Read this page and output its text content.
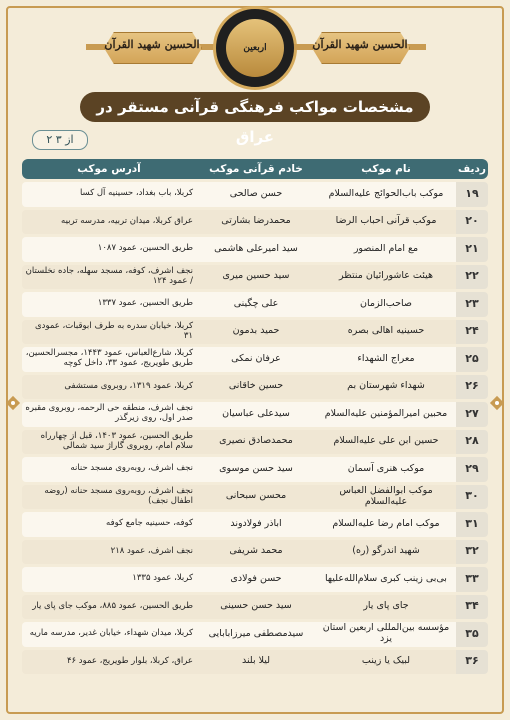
الحسین شهید القرآن	اربعین	الحسین شهید القرآن
مشخصات مواکب فرهنگی قرآنی مستقر در عراق
۲ از ۳
ردیف	نام موکب	خادم قرآنی موکب	آدرس موکب
۱۹	موکب باب‌الحوائج علیه‌السلام	حسن صالحی	کربلا، باب بغداد، حسینیه آل کسا
۲۰	موکب قرآنی احباب الرضا	محمدرضا بشارتی	عراق کربلا، میدان تربیه، مدرسه تربیه
۲۱	مع امام المنصور	سید امیرعلی هاشمی	طریق الحسین، عمود ۱۰۸۷
۲۲	هیئت عاشورائیان منتظر	سید حسین میری	نجف اشرف، کوفه، مسجد سهله، جاده نخلستان / عمود ۱۲۴
۲۳	صاحب‌الزمان	علی چگینی	طریق الحسین، عمود ۱۳۳۷
۲۴	حسینیه اهالی بصره	حمید بدمون	کربلا، خیابان سدره به طرف ابوقبات، عمودی ۳۱
۲۵	معراج الشهداء	عرفان نمکی	کربلا، شارع‌العباس، عمود ۱۴۴۳، مجسرالحسین، طریق طویریج، عمود ۳۳، داخل کوچه
۲۶	شهداء شهرستان بم	حسین خاقانی	کربلا، عمود ۱۳۱۹، روبروی مستشفی
۲۷	محبین امیرالمؤمنین علیه‌السلام	سیدعلی عباسیان	نجف اشرف، منطقه حی الرحمه، روبروی مقبره صدر اول، روی زیرگذر
۲۸	حسین ابن علی علیه‌السلام	محمدصادق نصیری	طریق الحسین، عمود ۱۴۰۳، قبل از چهارراه سلام امام، روبروی گاراژ سید شمالی
۲۹	موکب هنری آسمان	سید حسن موسوی	نجف اشرف، روبه‌روی مسجد حنانه
۳۰	موکب ابوالفضل العباس علیه‌السلام	محسن سبحانی	نجف اشرف، روبه‌روی مسجد حنانه (روضه اطفال نجف)
۳۱	موکب امام رضا علیه‌السلام	اباذر فولادوند	کوفه، حسینیه جامع کوفه
۳۲	شهید اندرگو (ره)	محمد شریفی	نجف اشرف، عمود ۲۱۸
۳۳	بی‌بی زینب کبری سلام‌الله‌علیها	حسن فولادی	کربلا، عمود ۱۳۳۵
۳۴	جای پای یار	سید حسن حسینی	طریق الحسین، عمود ۸۸۵، موکب جای پای یار
۳۵	مؤسسه بین‌المللی اربعین استان یزد	سیدمصطفی میرزابابایی	کربلا، میدان شهداء، خیابان غدیر، مدرسه ماریه
۳۶	لبیک یا زینب	لیلا بلند	عراق، کربلا، بلوار طویریج، عمود ۴۶
